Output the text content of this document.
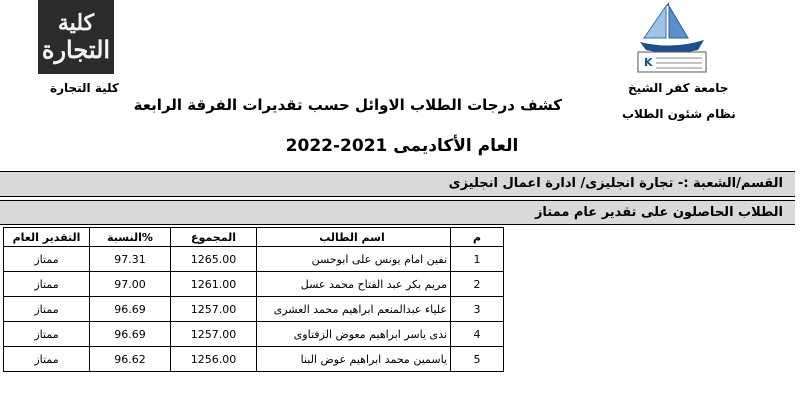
كلية
التجارة
كلية التجارة
K
جامعة كفر الشيخ
نظام شئون الطلاب
كشف درجات الطلاب الاوائل حسب تقديرات الفرقة الرابعة
العام الأكاديمى 2021-2022
القسم/الشعبة :- تجارة انجليزى/ ادارة اعمال انجليزى
الطلاب الحاصلون على تقدير عام ممتاز
م	اسم الطالب	المجموع	%النسبة	التقدير العام
1	نفين امام يونس على ابوحسن	1265.00	97.31	ممتاز
2	مريم بكر عبد الفتاح محمد عسل	1261.00	97.00	ممتاز
3	علياء عبدالمنعم ابراهيم محمد العشرى	1257.00	96.69	ممتاز
4	ندى ياسر ابراهيم معوض الزفتاوى	1257.00	96.69	ممتاز
5	ياسمين محمد ابراهيم عوض البنا	1256.00	96.62	ممتاز
